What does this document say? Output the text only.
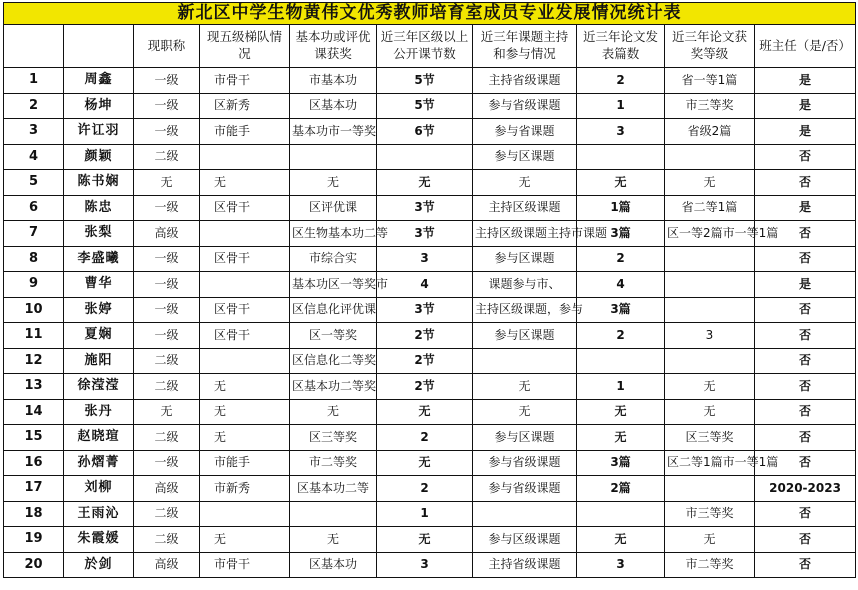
新北区中学生物黄伟文优秀教师培育室成员专业发展情况统计表									
		现职称	现五级梯队情况	基本功或评优课获奖	近三年区级以上公开课节数	近三年课题主持和参与情况	近三年论文发表篇数	近三年论文获奖等级	班主任（是/否）
1	周鑫	一级	市骨干	市基本功	5节	主持省级课题	2	省一等1篇	是
2	杨坤	一级	区新秀	区基本功	5节	参与省级课题	1	市三等奖	是
3	许讧羽	一级	市能手	基本功市一等奖	6节	参与省课题	3	省级2篇	是
4	颜颖	二级				参与区课题			否
5	陈书娴	无	无	无	无	无	无	无	否
6	陈忠	一级	区骨干	区评优课	3节	主持区级课题	1篇	省二等1篇	是
7	张梨	高级		区生物基本功二等	3节	主持区级课题主持市课题	3篇	区一等2篇市一等1篇	否
8	李盛曦	一级	区骨干	市综合实	3	参与区课题	2		否
9	曹华	一级		基本功区一等奖市	4	课题参与市、	4		是
10	张婷	一级	区骨干	区信息化评优课	3节	主持区级课题，参与	3篇		否
11	夏娴	一级	区骨干	区一等奖	2节	参与区课题	2	3	否
12	施阳	二级		区信息化二等奖	2节				否
13	徐滢滢	二级	无	区基本功二等奖	2节	无	1	无	否
14	张丹	无	无	无	无	无	无	无	否
15	赵晓瑄	二级	无	区三等奖	2	参与区课题	无	区三等奖	否
16	孙熠菁	一级	市能手	市二等奖	无	参与省级课题	3篇	区二等1篇市一等1篇	否
17	刘柳	高级	市新秀	区基本功二等	2	参与省级课题	2篇		2020-2023
18	王雨沁	二级			1			市三等奖	否
19	朱霞媛	二级	无	无	无	参与区级课题	无	无	否
20	於剑	高级	市骨干	区基本功	3	主持省级课题	3	市二等奖	否
